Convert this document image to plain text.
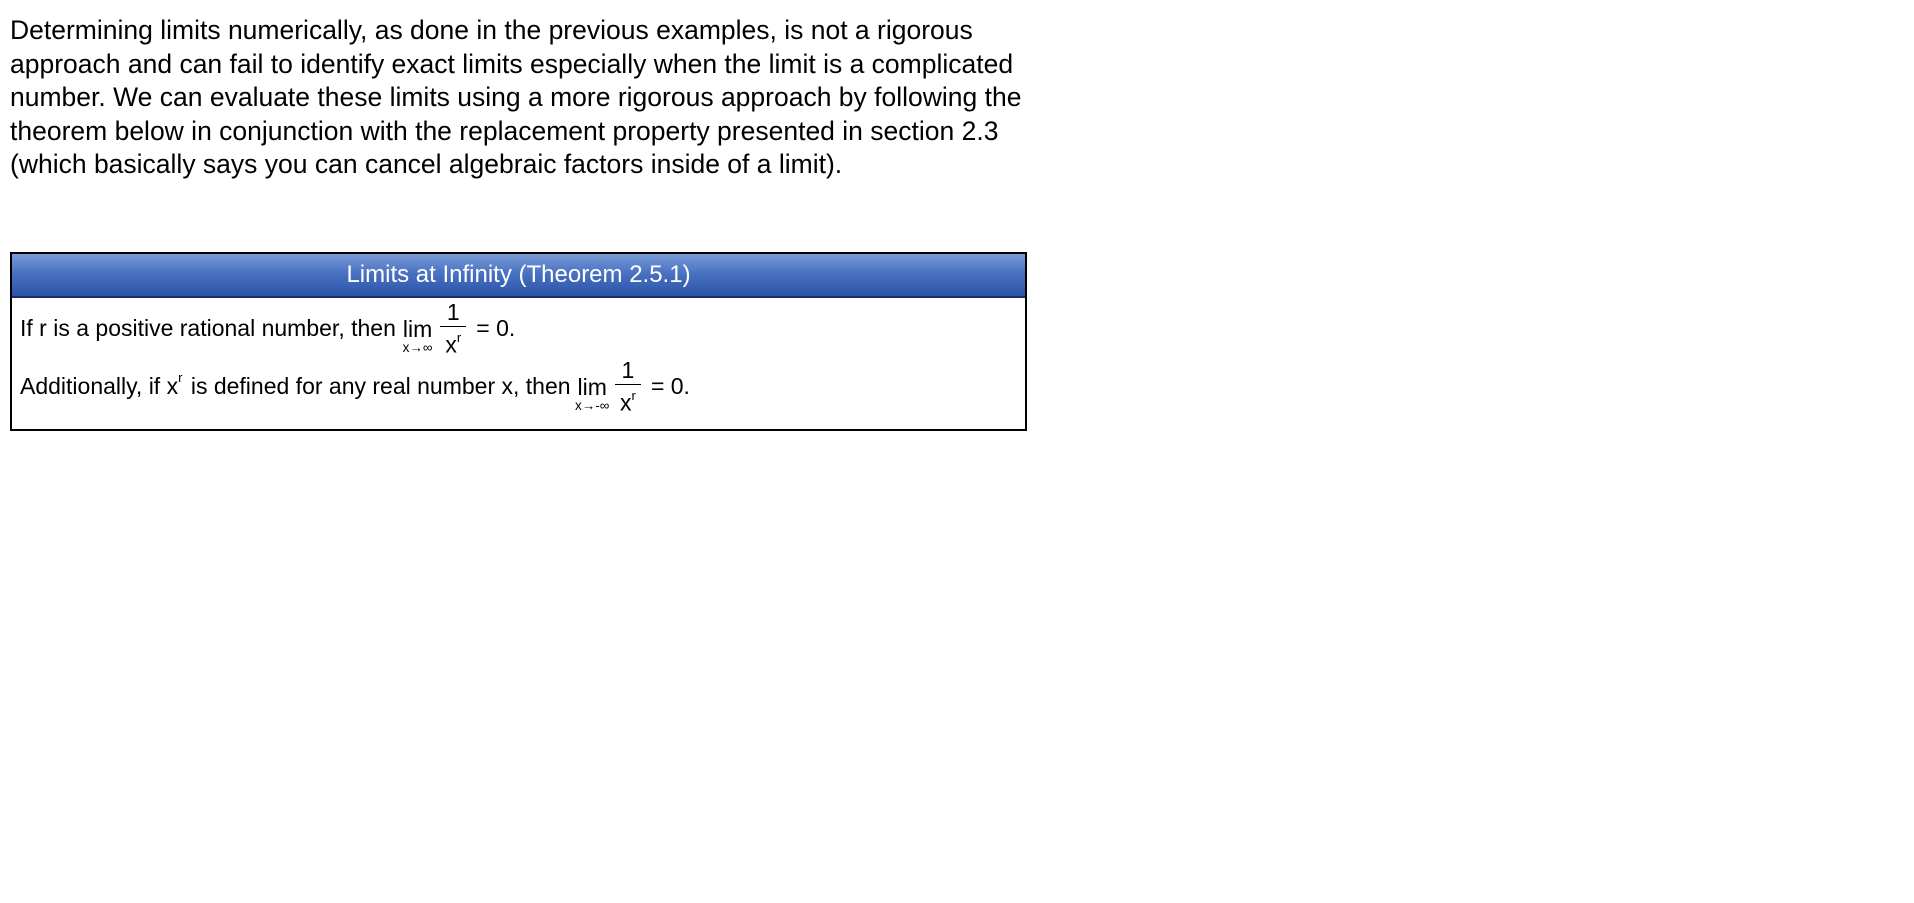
Determining limits numerically, as done in the previous examples, is not a rigorous approach and can fail to identify exact limits especially when the limit is a complicated number. We can evaluate these limits using a more rigorous approach by following the theorem below in conjunction with the replacement property presented in section 2.3 (which basically says you can cancel algebraic factors inside of a limit).

Limits at Infinity (Theorem 2.5.1)
If r is a positive rational number, then lim
$x\to\infty \frac{1}{x^r} = 0$.
Additionally, if x r is defined for any real number x, then lim
$x\to-\infty \frac{1}{x^r} = 0$.
